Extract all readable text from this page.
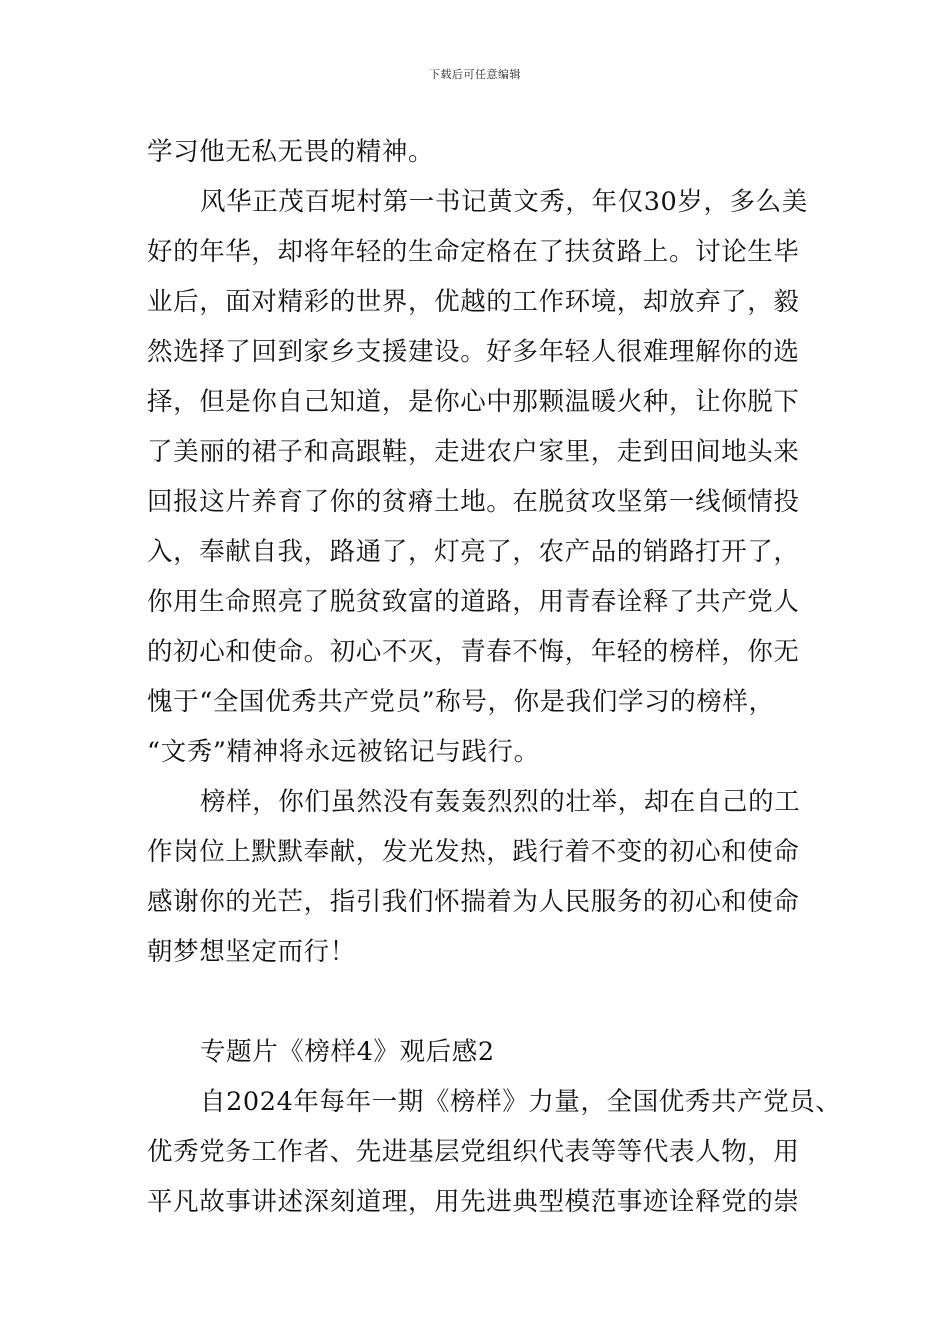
下载后可任意编辑
学习他无私无畏的精神。
风华正茂百坭村第一书记黄文秀，年仅30岁，多么美
好的年华，却将年轻的生命定格在了扶贫路上。讨论生毕
业后，面对精彩的世界，优越的工作环境，却放弃了，毅
然选择了回到家乡支援建设。好多年轻人很难理解你的选
择，但是你自己知道，是你心中那颗温暖火种，让你脱下
了美丽的裙子和高跟鞋，走进农户家里，走到田间地头来
回报这片养育了你的贫瘠土地。在脱贫攻坚第一线倾情投
入，奉献自我，路通了，灯亮了，农产品的销路打开了，
你用生命照亮了脱贫致富的道路，用青春诠释了共产党人
的初心和使命。初心不灭，青春不悔，年轻的榜样，你无
愧于“全国优秀共产党员”称号，你是我们学习的榜样，
“文秀”精神将永远被铭记与践行。
榜样，你们虽然没有轰轰烈烈的壮举，却在自己的工
作岗位上默默奉献，发光发热，践行着不变的初心和使命
感谢你的光芒，指引我们怀揣着为人民服务的初心和使命
朝梦想坚定而行！
专题片《榜样4》观后感2
自2024年每年一期《榜样》力量，全国优秀共产党员、
优秀党务工作者、先进基层党组织代表等等代表人物，用
平凡故事讲述深刻道理，用先进典型模范事迹诠释党的崇
